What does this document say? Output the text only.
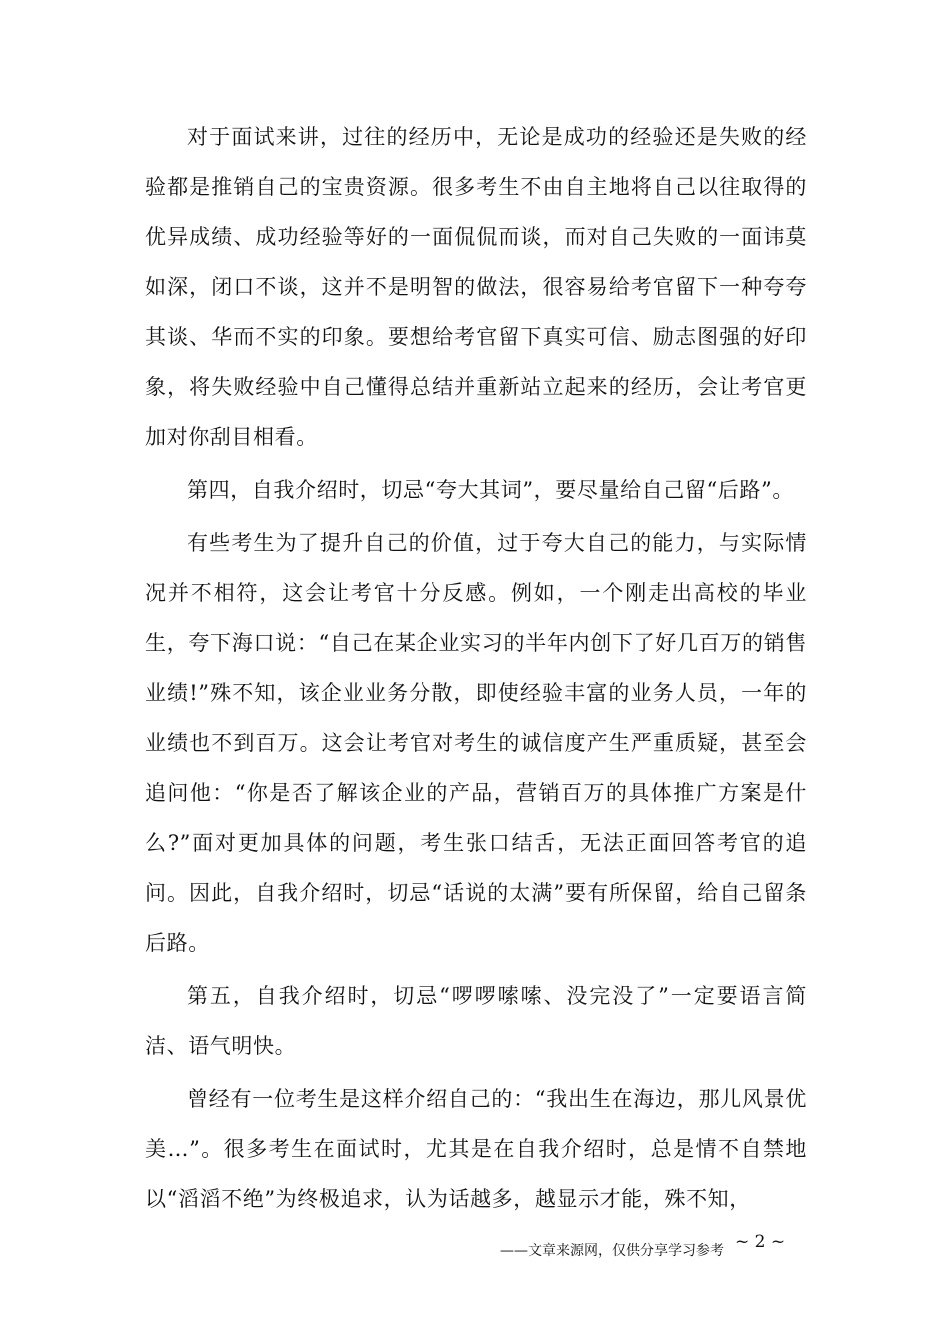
对于面试来讲，过往的经历中，无论是成功的经验还是失败的经验都是推销自己的宝贵资源。很多考生不由自主地将自己以往取得的优异成绩、成功经验等好的一面侃侃而谈，而对自己失败的一面讳莫如深，闭口不谈，这并不是明智的做法，很容易给考官留下一种夸夸其谈、华而不实的印象。要想给考官留下真实可信、励志图强的好印象，将失败经验中自己懂得总结并重新站立起来的经历，会让考官更加对你刮目相看。

第四，自我介绍时，切忌“夸大其词”，要尽量给自己留“后路”。

有些考生为了提升自己的价值，过于夸大自己的能力，与实际情况并不相符，这会让考官十分反感。例如，一个刚走出高校的毕业生，夸下海口说：“自己在某企业实习的半年内创下了好几百万的销售业绩!”殊不知，该企业业务分散，即使经验丰富的业务人员，一年的业绩也不到百万。这会让考官对考生的诚信度产生严重质疑，甚至会追问他：“你是否了解该企业的产品，营销百万的具体推广方案是什么?”面对更加具体的问题，考生张口结舌，无法正面回答考官的追问。因此，自我介绍时，切忌“话说的太满”要有所保留，给自己留条后路。

第五，自我介绍时，切忌“啰啰嗦嗦、没完没了”一定要语言简洁、语气明快。

曾经有一位考生是这样介绍自己的：“我出生在海边，那儿风景优美…”。很多考生在面试时，尤其是在自我介绍时，总是情不自禁地以“滔滔不绝”为终极追求，认为话越多，越显示才能，殊不知，

——文章来源网，仅供分享学习参考 ~ 2 ~
